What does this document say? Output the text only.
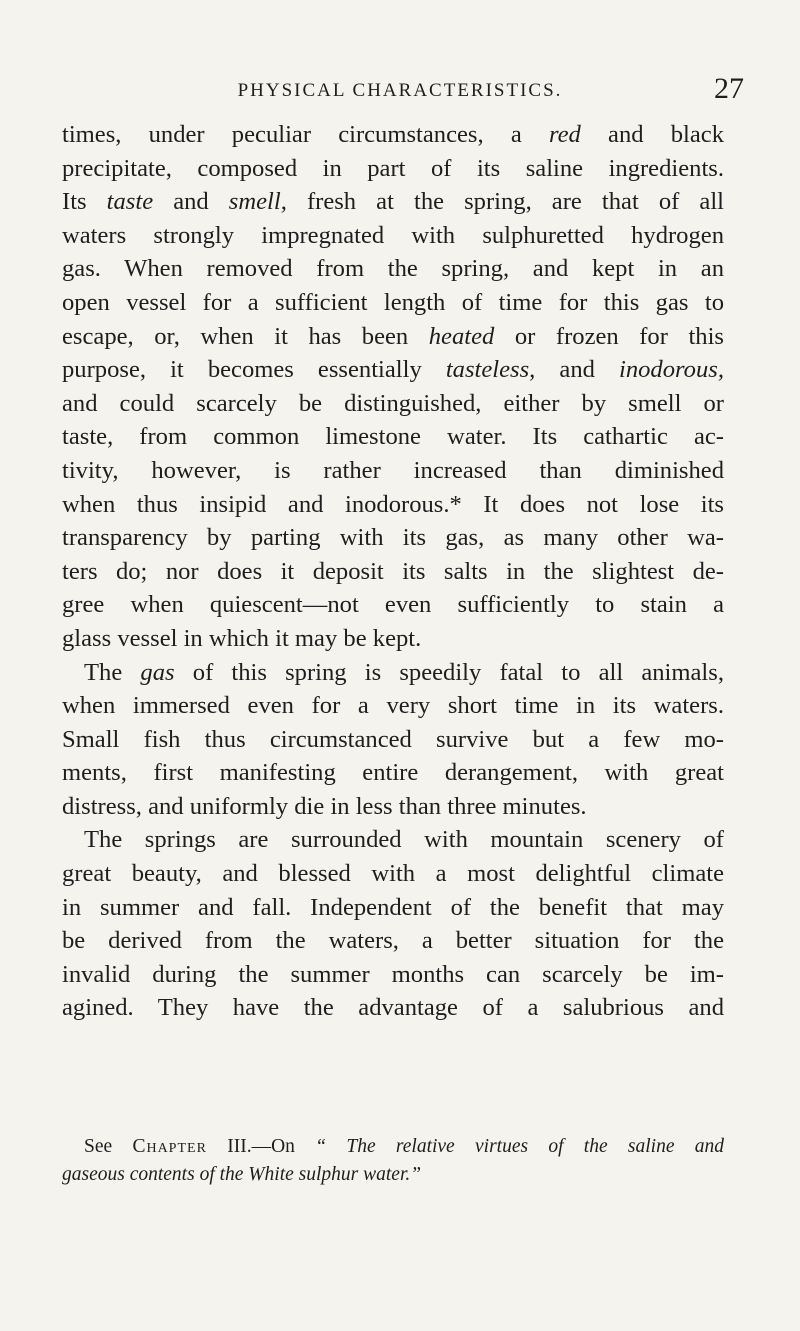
PHYSICAL CHARACTERISTICS.	27
times, under peculiar circumstances, a red and black
precipitate, composed in part of its saline ingredients.
Its taste and smell, fresh at the spring, are that of all
waters strongly impregnated with sulphuretted hydrogen
gas. When removed from the spring, and kept in an
open vessel for a sufficient length of time for this gas to
escape, or, when it has been heated or frozen for this
purpose, it becomes essentially tasteless, and inodorous,
and could scarcely be distinguished, either by smell or
taste, from common limestone water. Its cathartic ac-
tivity, however, is rather increased than diminished
when thus insipid and inodorous.* It does not lose its
transparency by parting with its gas, as many other wa-
ters do; nor does it deposit its salts in the slightest de-
gree when quiescent—not even sufficiently to stain a
glass vessel in which it may be kept.
The gas of this spring is speedily fatal to all animals,
when immersed even for a very short time in its waters.
Small fish thus circumstanced survive but a few mo-
ments, first manifesting entire derangement, with great
distress, and uniformly die in less than three minutes.
The springs are surrounded with mountain scenery of
great beauty, and blessed with a most delightful climate
in summer and fall. Independent of the benefit that may
be derived from the waters, a better situation for the
invalid during the summer months can scarcely be im-
agined. They have the advantage of a salubrious and
See Chapter III.—On “ The relative virtues of the saline and
gaseous contents of the White sulphur water.”
